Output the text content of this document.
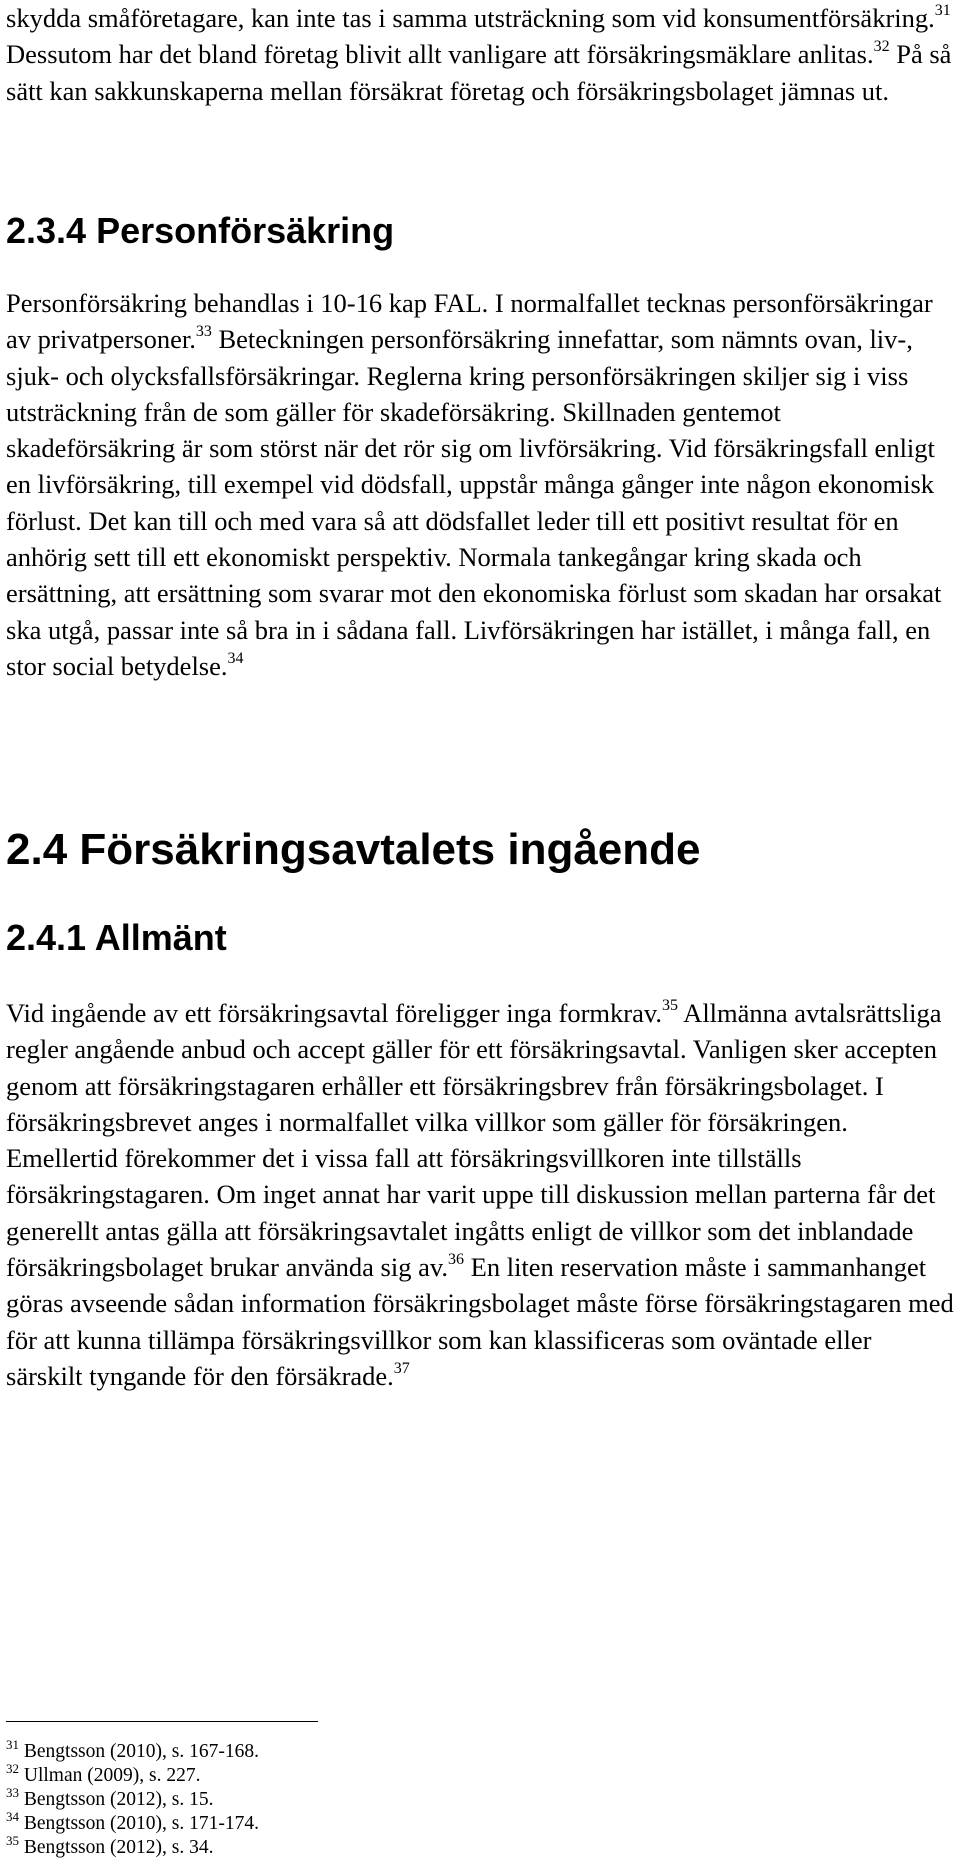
skydda småföretagare, kan inte tas i samma utsträckning som vid konsumentförsäkring.$^{31}$ Dessutom har det bland företag blivit allt vanligare att försäkringsmäklare anlitas.$^{32}$ På så sätt kan sakkunskaperna mellan försäkrat företag och försäkringsbolaget jämnas ut.

2.3.4 Personförsäkring

Personförsäkring behandlas i 10-16 kap FAL. I normalfallet tecknas personförsäkringar av privatpersoner.$^{33}$ Beteckningen personförsäkring innefattar, som nämnts ovan, liv-, sjuk- och olycksfallsförsäkringar. Reglerna kring personförsäkringen skiljer sig i viss utsträckning från de som gäller för skadeförsäkring. Skillnaden gentemot skadeförsäkring är som störst när det rör sig om livförsäkring. Vid försäkringsfall enligt en livförsäkring, till exempel vid dödsfall, uppstår många gånger inte någon ekonomisk förlust. Det kan till och med vara så att dödsfallet leder till ett positivt resultat för en anhörig sett till ett ekonomiskt perspektiv. Normala tankegångar kring skada och ersättning, att ersättning som svarar mot den ekonomiska förlust som skadan har orsakat ska utgå, passar inte så bra in i sådana fall. Livförsäkringen har istället, i många fall, en stor social betydelse.$^{34}$

2.4 Försäkringsavtalets ingående
2.4.1 Allmänt

Vid ingående av ett försäkringsavtal föreligger inga formkrav.$^{35}$ Allmänna avtalsrättsliga regler angående anbud och accept gäller för ett försäkringsavtal. Vanligen sker accepten genom att försäkringstagaren erhåller ett försäkringsbrev från försäkringsbolaget. I försäkringsbrevet anges i normalfallet vilka villkor som gäller för försäkringen. Emellertid förekommer det i vissa fall att försäkringsvillkoren inte tillställs försäkringstagaren. Om inget annat har varit uppe till diskussion mellan parterna får det generellt antas gälla att försäkringsavtalet ingåtts enligt de villkor som det inblandade försäkringsbolaget brukar använda sig av.$^{36}$ En liten reservation måste i sammanhanget göras avseende sådan information försäkringsbolaget måste förse försäkringstagaren med för att kunna tillämpa försäkringsvillkor som kan klassificeras som oväntade eller särskilt tyngande för den försäkrade.$^{37}$

$^{31}$ Bengtsson (2010), s. 167-168.

$^{32}$ Ullman (2009), s. 227.

$^{33}$ Bengtsson (2012), s. 15.

$^{34}$ Bengtsson (2010), s. 171-174.

$^{35}$ Bengtsson (2012), s. 34.
